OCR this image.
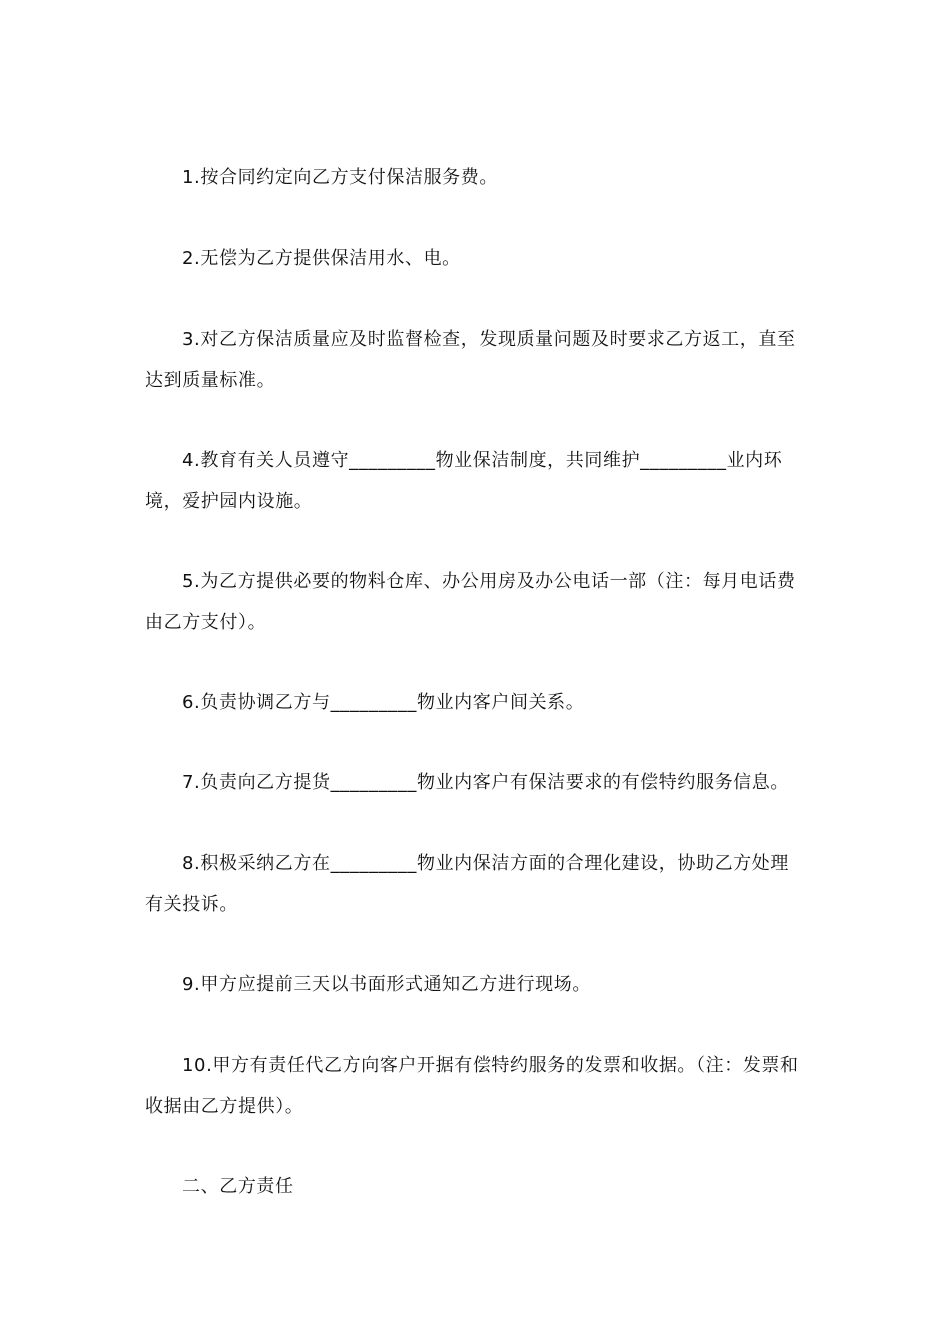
1.按合同约定向乙方支付保洁服务费。

2.无偿为乙方提供保洁用水、电。

3.对乙方保洁质量应及时监督检查，发现质量问题及时要求乙方返工，直至达到质量标准。

4.教育有关人员遵守_________物业保洁制度，共同维护_________业内环境，爱护园内设施。

5.为乙方提供必要的物料仓库、办公用房及办公电话一部（注：每月电话费由乙方支付）。

6.负责协调乙方与_________物业内客户间关系。

7.负责向乙方提货_________物业内客户有保洁要求的有偿特约服务信息。

8.积极采纳乙方在_________物业内保洁方面的合理化建设，协助乙方处理有关投诉。

9.甲方应提前三天以书面形式通知乙方进行现场。

10.甲方有责任代乙方向客户开据有偿特约服务的发票和收据。（注：发票和收据由乙方提供）。

二、乙方责任
